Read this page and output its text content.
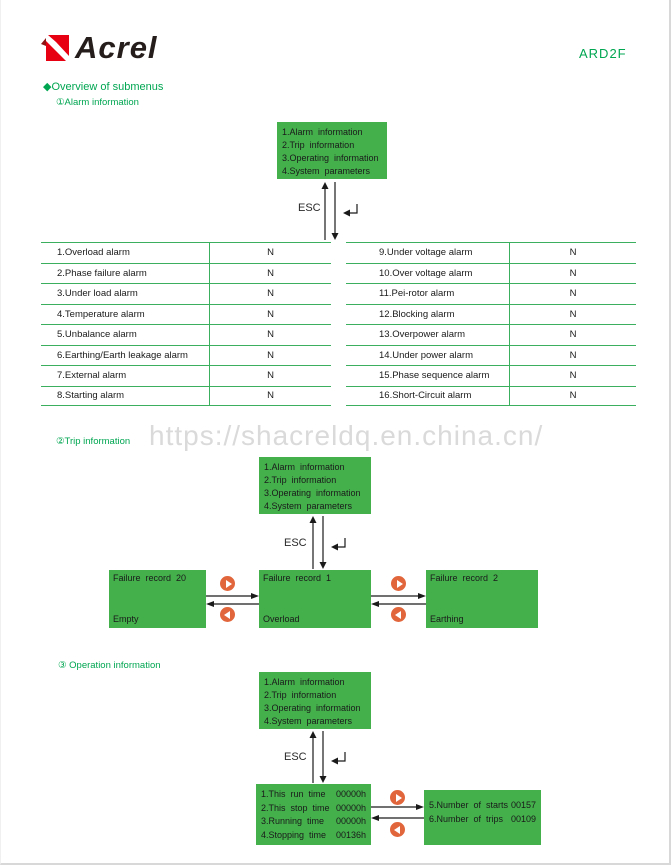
Acrel	ARD2F
◆Overview of submenus
①Alarm information
1.Alarm  information
2.Trip  information
3.Operating  information
4.System  parameters
ESC
1.Overload alarm	N
2.Phase failure alarm	N
3.Under load alarm	N
4.Temperature alarm	N
5.Unbalance alarm	N
6.Earthing/Earth leakage alarm	N
7.External alarm	N
8.Starting alarm	N
9.Under voltage alarm	N
10.Over voltage alarm	N
11.Pei-rotor alarm	N
12.Blocking alarm	N
13.Overpower alarm	N
14.Under power alarm	N
15.Phase sequence alarm	N
16.Short-Circuit alarm	N
https://shacreldq.en.china.cn/
②Trip information
1.Alarm  information
2.Trip  information
3.Operating  information
4.System  parameters
ESC
Failure  record  20
Empty
Failure  record  1
Overload
Failure  record  2
Earthing
③ Operation information
1.Alarm  information
2.Trip  information
3.Operating  information
4.System  parameters
ESC
1.This  run  time 00000h
2.This  stop  time 00000h
3.Running  time 00000h
4.Stopping  time 00136h
5.Number  of  starts 00157
6.Number  of  trips 00109
